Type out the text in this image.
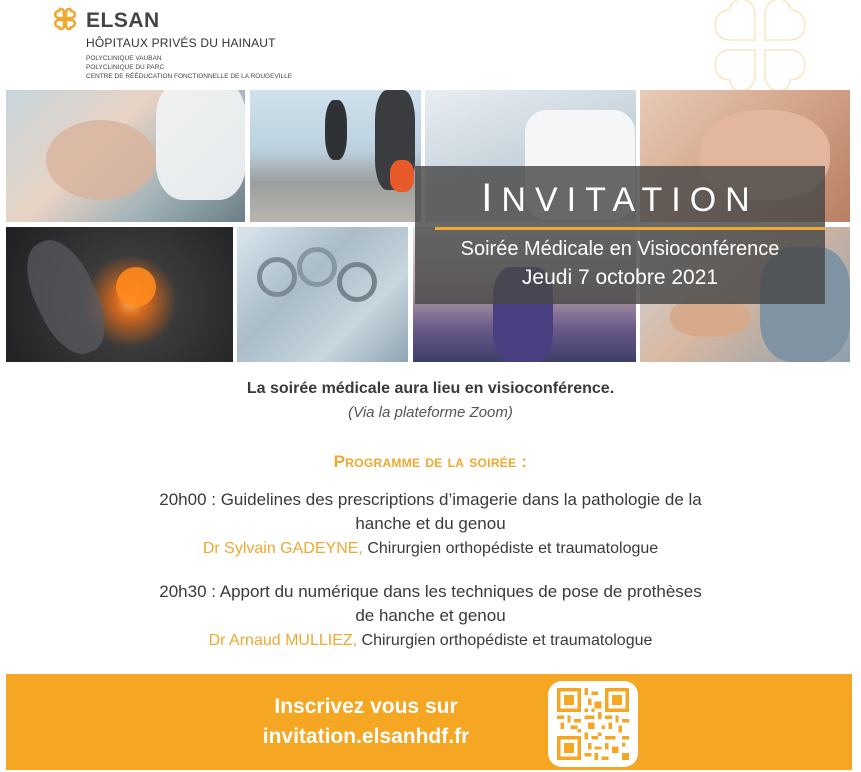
ELSAN
HÔPITAUX PRIVÉS DU HAINAUT
POLYCLINIQUE VAUBAN
POLYCLINIQUE DU PARC
CENTRE DE RÉÉDUCATION FONCTIONNELLE DE LA ROUGEVILLE
INVITATION
Soirée Médicale en Visioconférence
Jeudi 7 octobre 2021
La soirée médicale aura lieu en visioconférence.
(Via la plateforme Zoom)
Programme de la soirée :
20h00 : Guidelines des prescriptions d’imagerie dans la pathologie de la
hanche et du genou
Dr Sylvain GADEYNE, Chirurgien orthopédiste et traumatologue
20h30 : Apport du numérique dans les techniques de pose de prothèses
de hanche et genou
Dr Arnaud MULLIEZ, Chirurgien orthopédiste et traumatologue
Inscrivez vous sur
invitation.elsanhdf.fr
